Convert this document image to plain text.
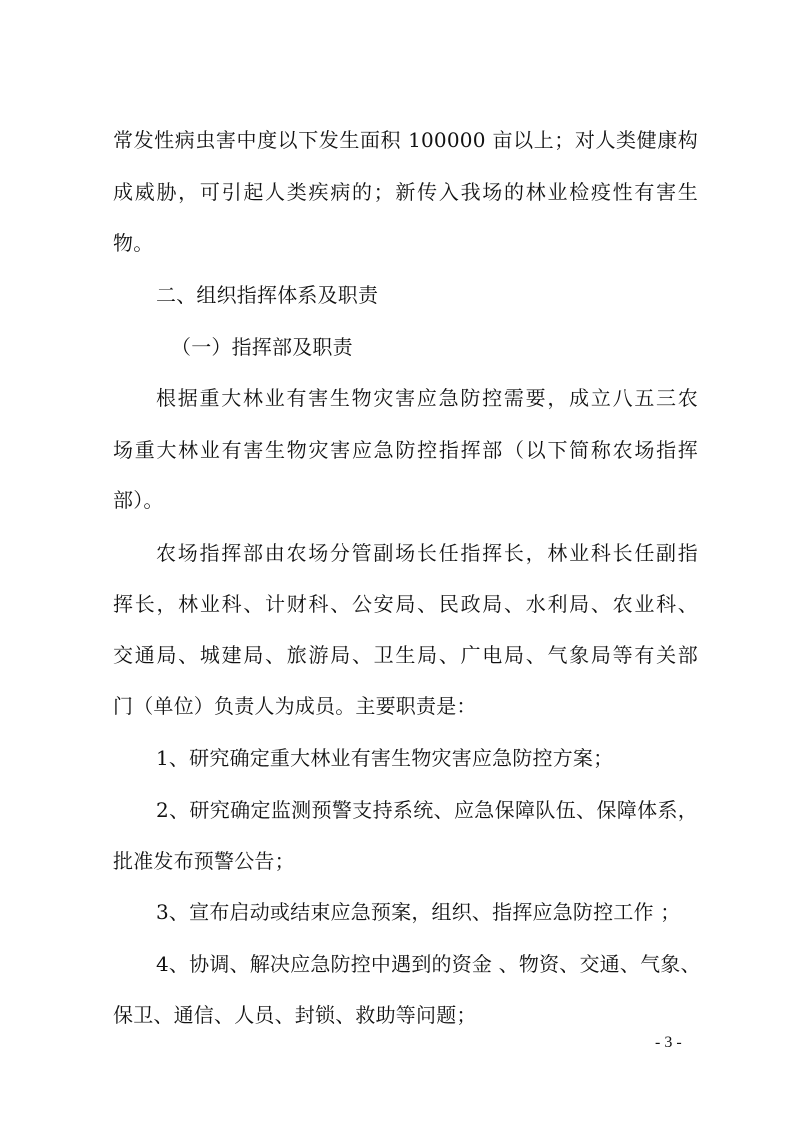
常发性病虫害中度以下发生面积 100000 亩以上；对人类健康构
成威胁，可引起人类疾病的；新传入我场的林业检疫性有害生
物。
二、组织指挥体系及职责
（一）指挥部及职责
根据重大林业有害生物灾害应急防控需要，成立八五三农
场重大林业有害生物灾害应急防控指挥部（以下简称农场指挥
部）。
农场指挥部由农场分管副场长任指挥长，林业科长任副指
挥长，林业科、计财科、公安局、民政局、水利局、农业科、
交通局、城建局、旅游局、卫生局、广电局、气象局等有关部
门（单位）负责人为成员。主要职责是：
1、研究确定重大林业有害生物灾害应急防控方案；
2、研究确定监测预警支持系统、应急保障队伍、保障体系，
批准发布预警公告；
3、宣布启动或结束应急预案，组织、指挥应急防控工作 ；
4、协调、解决应急防控中遇到的资金 、物资、交通、气象、
保卫、通信、人员、封锁、救助等问题；
- 3 -
